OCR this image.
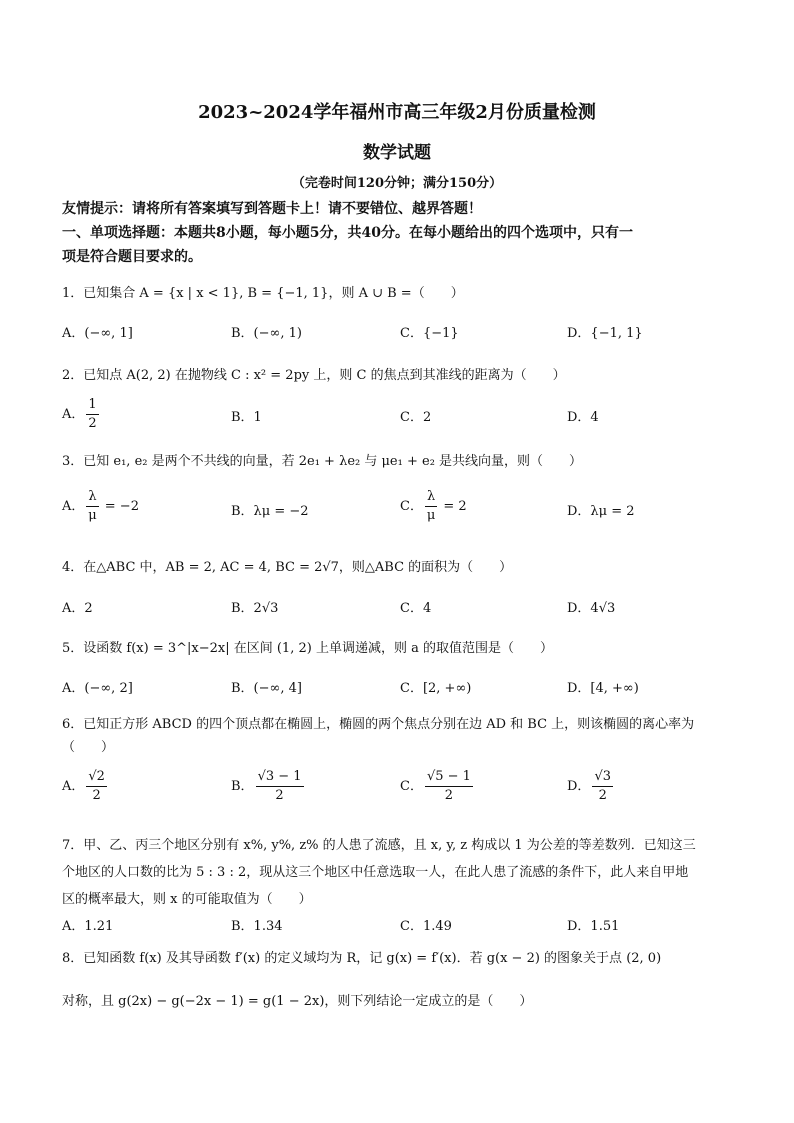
2023~2024学年福州市高三年级2月份质量检测
数学试题
（完卷时间120分钟；满分150分）
友情提示：请将所有答案填写到答题卡上！请不要错位、越界答题！
一、单项选择题：本题共8小题，每小题5分，共40分。在每小题给出的四个选项中，只有一
项是符合题目要求的。
1．已知集合 A = {x | x < 1}, B = {−1, 1}，则 A ∪ B =（　　）
A．(−∞, 1]	B．(−∞, 1)	C．{−1}	D．{−1, 1}
2．已知点 A(2, 2) 在抛物线 C : x² = 2py 上，则 C 的焦点到其准线的距离为（　　）
A． $\frac{1}{2}$	B．1	C．2	D．4
3．已知 e₁, e₂ 是两个不共线的向量，若 2e₁ + λe₂ 与 μe₁ + e₂ 是共线向量，则（　　）
A． $\frac{\lambda}{\mu} = -2$	B．λμ = −2	C． $\frac{\lambda}{\mu} = 2$	D．λμ = 2
4．在△ABC 中，AB = 2, AC = 4, BC = 2√7，则△ABC 的面积为（　　）
A．2	B．2√3	C．4	D．4√3
5．设函数 f(x) = 3^|x−2x| 在区间 (1, 2) 上单调递减，则 a 的取值范围是（　　）
A．(−∞, 2]	B．(−∞, 4]	C．[2, +∞)	D．[4, +∞)
6．已知正方形 ABCD 的四个顶点都在椭圆上，椭圆的两个焦点分别在边 AD 和 BC 上，则该椭圆的离心率为
（　　）
A． $\frac{√2}{2}$	B． $\frac{√3 - 1}{2}$	C． $\frac{√5 - 1}{2}$	D． $\frac{√3}{2}$
7．甲、乙、丙三个地区分别有 x%, y%, z% 的人患了流感，且 x, y, z 构成以 1 为公差的等差数列．已知这三
个地区的人口数的比为 5 : 3 : 2，现从这三个地区中任意选取一人，在此人患了流感的条件下，此人来自甲地
区的概率最大，则 x 的可能取值为（　　）
A．1.21	B．1.34	C．1.49	D．1.51
8．已知函数 f(x) 及其导函数 f′(x) 的定义域均为 R，记 g(x) = f′(x)．若 g(x − 2) 的图象关于点 (2, 0)
对称，且 g(2x) − g(−2x − 1) = g(1 − 2x)，则下列结论一定成立的是（　　）
